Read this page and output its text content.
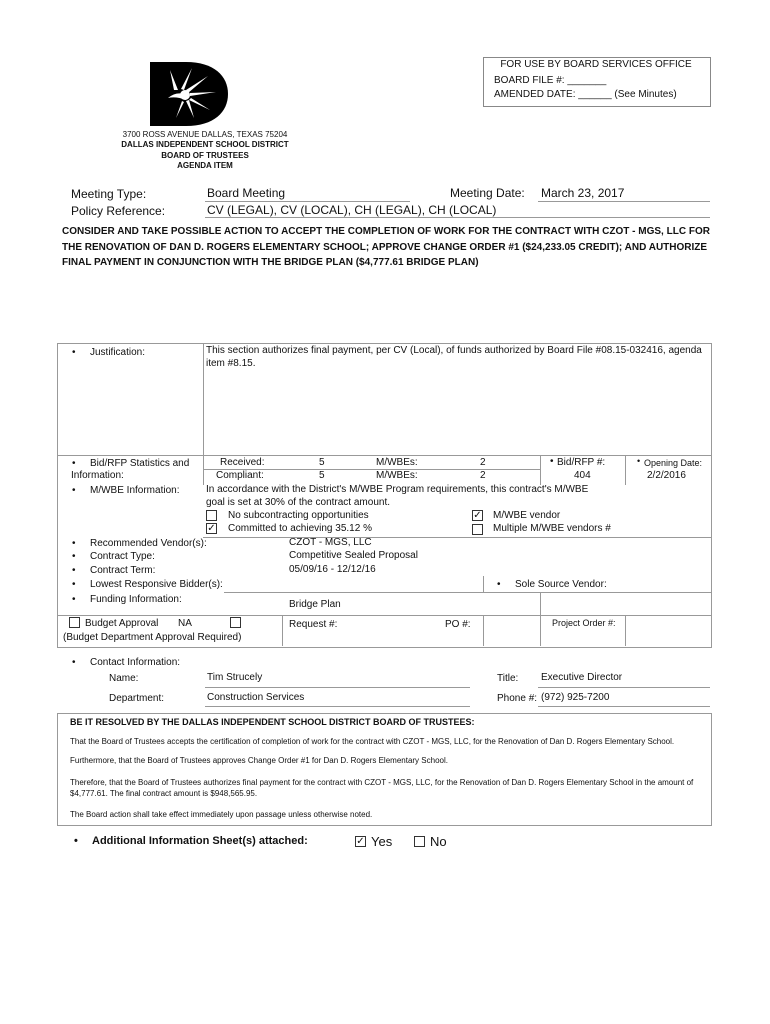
FOR USE BY BOARD SERVICES OFFICE
BOARD FILE #: _______
AMENDED DATE: ______ (See Minutes)
3700 ROSS AVENUE DALLAS, TEXAS 75204
DALLAS INDEPENDENT SCHOOL DISTRICT
BOARD OF TRUSTEES
AGENDA ITEM
Meeting Type:	Board Meeting	Meeting Date: March 23, 2017
Policy Reference:	CV (LEGAL), CV (LOCAL), CH (LEGAL), CH (LOCAL)
CONSIDER AND TAKE POSSIBLE ACTION TO ACCEPT THE COMPLETION OF WORK FOR THE CONTRACT WITH CZOT - MGS, LLC FOR THE RENOVATION OF DAN D. ROGERS ELEMENTARY SCHOOL; APPROVE CHANGE ORDER #1 ($24,233.05 CREDIT); AND AUTHORIZE FINAL PAYMENT IN CONJUNCTION WITH THE BRIDGE PLAN ($4,777.61 BRIDGE PLAN)
• Justification:	This section authorizes final payment, per CV (Local), of funds authorized by Board File #08.15-032416, agenda item #8.15.
• Bid/RFP Statistics and
Information:
Received:	5	M/WBEs:	2
Compliant:	5	M/WBEs:	2
Bid/RFP #:
•
404
• Opening Date:
2/2/2016
• M/WBE Information:	In accordance with the District's M/WBE Program requirements, this contract's M/WBE goal is set at 30% of the contract amount.
No subcontracting opportunities
✓ Committed to achieving 35.12 %
✓ M/WBE vendor
Multiple M/WBE vendors #
• Recommended Vendor(s):	CZOT - MGS, LLC
• Contract Type:	Competitive Sealed Proposal
• Contract Term:	05/09/16 - 12/12/16
• Lowest Responsive Bidder(s):	• Sole Source Vendor:
• Funding Information:	Bridge Plan
Budget Approval NA
(Budget Department Approval Required)
Request #:	PO #:	Project Order #:
• Contact Information:
Name:	Tim Strucely	Title: Executive Director
Department:	Construction Services	Phone #: (972) 925-7200
BE IT RESOLVED BY THE DALLAS INDEPENDENT SCHOOL DISTRICT BOARD OF TRUSTEES:
That the Board of Trustees accepts the certification of completion of work for the contract with CZOT - MGS, LLC, for the Renovation of Dan D. Rogers Elementary School.
Furthermore, that the Board of Trustees approves Change Order #1 for Dan D. Rogers Elementary School.
Therefore, that the Board of Trustees authorizes final payment for the contract with CZOT - MGS, LLC, for the Renovation of Dan D. Rogers Elementary School in the amount of $4,777.61. The final contract amount is $948,565.95.
The Board action shall take effect immediately upon passage unless otherwise noted.
• Additional Information Sheet(s) attached:	✓ Yes	No
